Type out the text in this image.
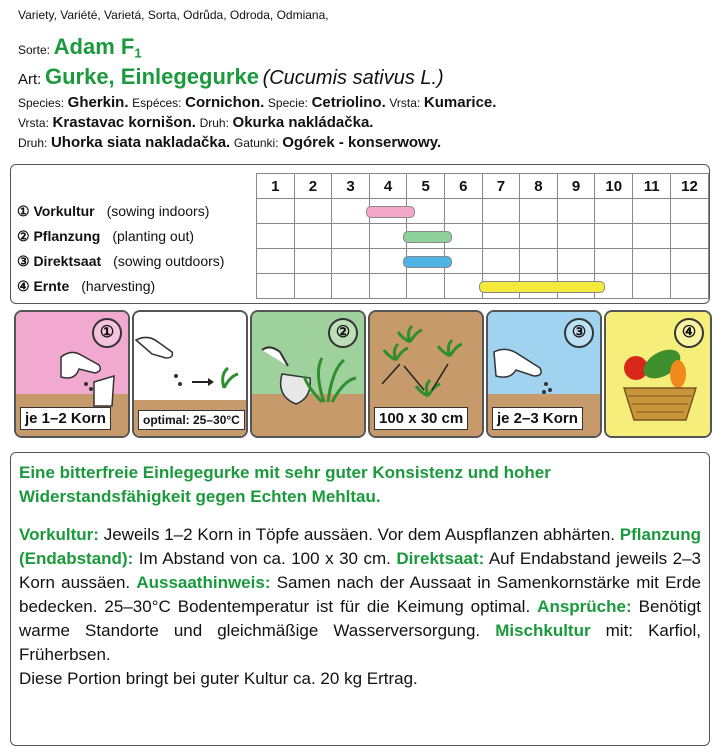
Variety, Variété, Varietá, Sorta, Odrůda, Odroda, Odmiana,
Sorte: Adam $F_1$
Art: Gurke, Einlegegurke (Cucumis sativus L.)
Species: Gherkin. Espéces: Cornichon. Specie: Cetriolino. Vrsta: Kumarice.
Vrsta: Krastavac kornišon. Druh: Okurka nakládačka.
Druh: Uhorka siata nakladačka. Gatunki: Ogórek - konserwowy.
	1	2	3	4	5	6	7	8	9	10	11	12
① Vorkultur (sowing indoors)				

② Pflanzung (planting out)					

③ Direktsaat (sowing outdoors)					

④ Ernte (harvesting)							

①
je 1–2 Korn	optimal: 25–30°C
②
100 x 30 cm
③
je 2–3 Korn
④
Eine bitterfreie Einlegegurke mit sehr guter Konsistenz und hoher Widerstandsfähigkeit gegen Echten Mehltau.
Vorkultur: Jeweils 1–2 Korn in Töpfe aussäen. Vor dem Auspflanzen abhärten. Pflanzung (Endabstand): Im Abstand von ca. 100 x 30 cm. Direktsaat: Auf Endabstand jeweils 2–3 Korn aussäen. Aussaathinweis: Samen nach der Aussaat in Samenkornstärke mit Erde bedecken. 25–30°C Bodentemperatur ist für die Keimung optimal. Ansprüche: Benötigt warme Standorte und gleichmäßige Wasserversorgung. Mischkultur mit: Karfiol, Früherbsen.
Diese Portion bringt bei guter Kultur ca. 20 kg Ertrag.
